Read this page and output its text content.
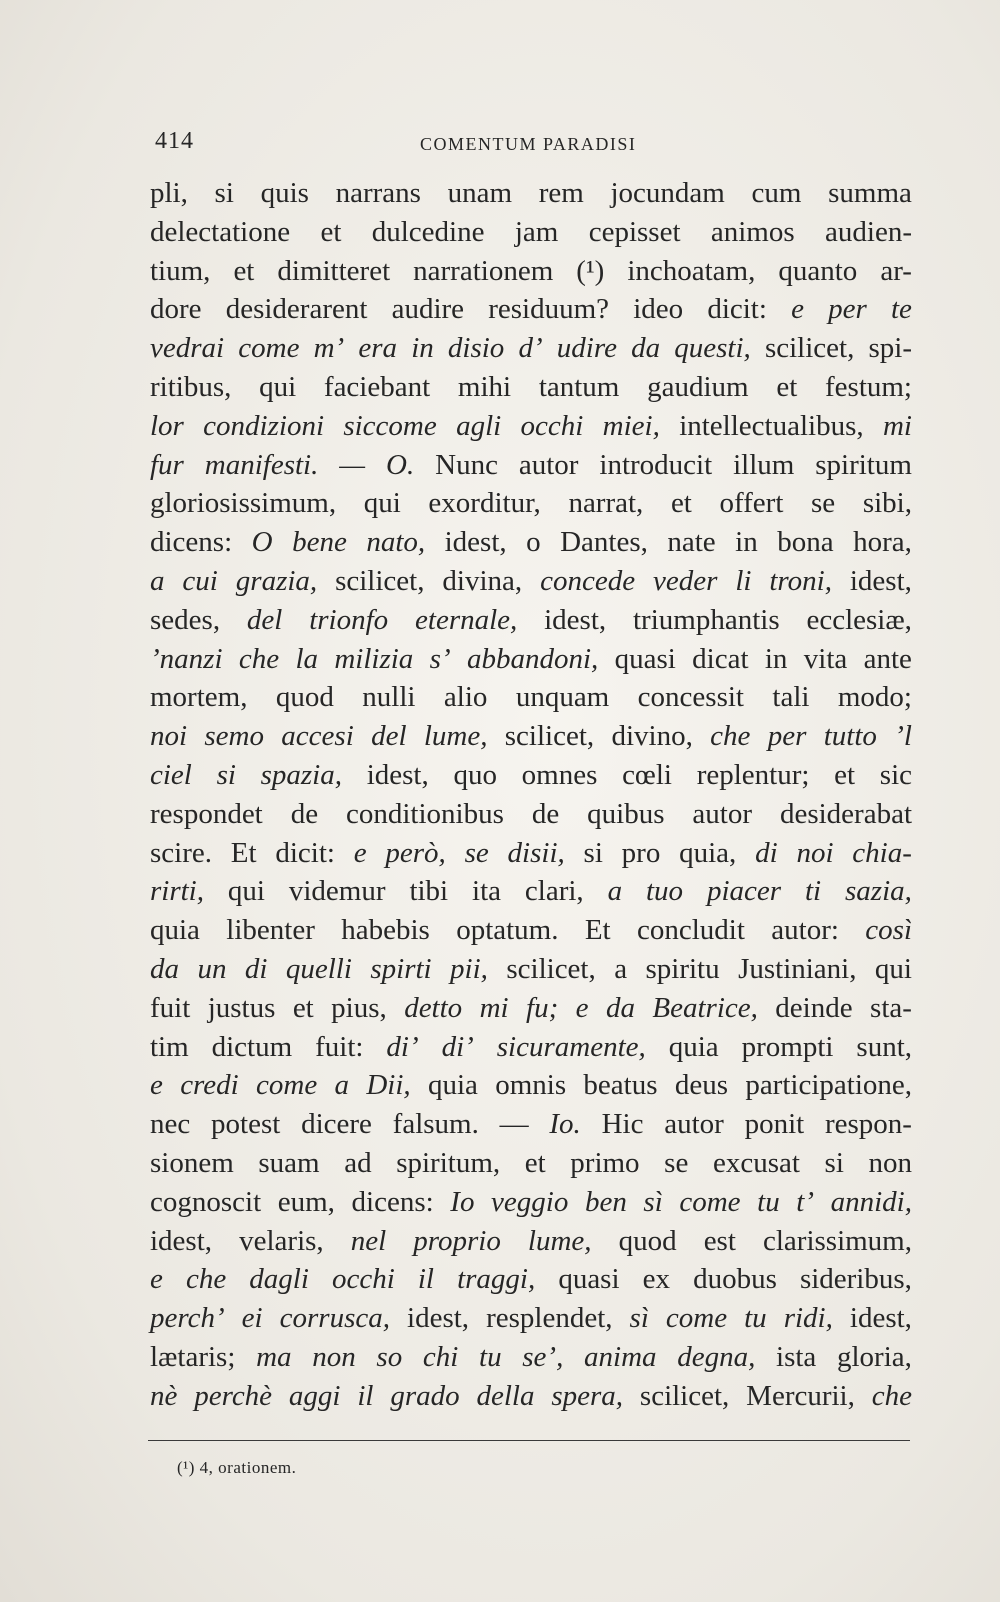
414	COMENTUM PARADISI
pli, si quis narrans unam rem jocundam cum summa
delectatione et dulcedine jam cepisset animos audien-
tium, et dimitteret narrationem (¹) inchoatam, quanto ar-
dore desiderarent audire residuum? ideo dicit: e per te
vedrai come m’ era in disio d’ udire da questi, scilicet, spi-
ritibus, qui faciebant mihi tantum gaudium et festum;
lor condizioni siccome agli occhi miei, intellectualibus, mi
fur manifesti. — O. Nunc autor introducit illum spiritum
gloriosissimum, qui exorditur, narrat, et offert se sibi,
dicens: O bene nato, idest, o Dantes, nate in bona hora,
a cui grazia, scilicet, divina, concede veder li troni, idest,
sedes, del trionfo eternale, idest, triumphantis ecclesiæ,
’nanzi che la milizia s’ abbandoni, quasi dicat in vita ante
mortem, quod nulli alio unquam concessit tali modo;
noi semo accesi del lume, scilicet, divino, che per tutto ’l
ciel si spazia, idest, quo omnes cœli replentur; et sic
respondet de conditionibus de quibus autor desiderabat
scire. Et dicit: e però, se disii, si pro quia, di noi chia-
rirti, qui videmur tibi ita clari, a tuo piacer ti sazia,
quia libenter habebis optatum. Et concludit autor: così
da un di quelli spirti pii, scilicet, a spiritu Justiniani, qui
fuit justus et pius, detto mi fu; e da Beatrice, deinde sta-
tim dictum fuit: di’ di’ sicuramente, quia prompti sunt,
e credi come a Dii, quia omnis beatus deus participatione,
nec potest dicere falsum. — Io. Hic autor ponit respon-
sionem suam ad spiritum, et primo se excusat si non
cognoscit eum, dicens: Io veggio ben sì come tu t’ annidi,
idest, velaris, nel proprio lume, quod est clarissimum,
e che dagli occhi il traggi, quasi ex duobus sideribus,
perch’ ei corrusca, idest, resplendet, sì come tu ridi, idest,
lætaris; ma non so chi tu se’, anima degna, ista gloria,
nè perchè aggi il grado della spera, scilicet, Mercurii, che
(¹) 4, orationem.
